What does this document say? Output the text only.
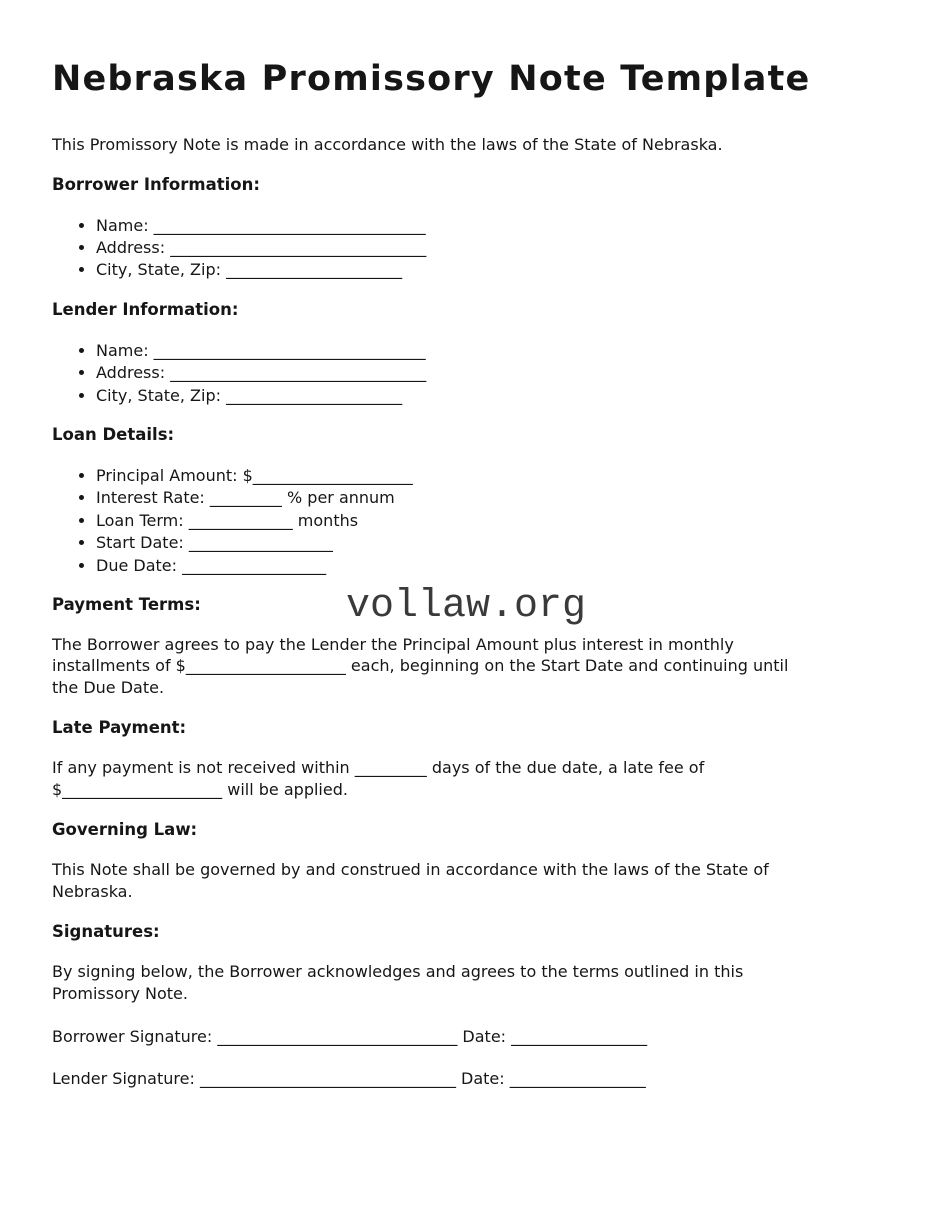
Nebraska Promissory Note Template

This Promissory Note is made in accordance with the laws of the State of Nebraska.

Borrower Information:
• Name: __________________________________
• Address: ________________________________
• City, State, Zip: ______________________
Lender Information:
• Name: __________________________________
• Address: ________________________________
• City, State, Zip: ______________________
Loan Details:
• Principal Amount: $____________________
• Interest Rate: _________ % per annum
• Loan Term: _____________ months
• Start Date: __________________
• Due Date: __________________
Payment Terms:

The Borrower agrees to pay the Lender the Principal Amount plus interest in monthly
installments of $____________________ each, beginning on the Start Date and continuing until
the Due Date.

Late Payment:

If any payment is not received within _________ days of the due date, a late fee of
$____________________ will be applied.

Governing Law:

This Note shall be governed by and construed in accordance with the laws of the State of
Nebraska.

Signatures:

By signing below, the Borrower acknowledges and agrees to the terms outlined in this
Promissory Note.

Borrower Signature: ______________________________ Date: _________________

Lender Signature: ________________________________ Date: _________________

vollaw.org
